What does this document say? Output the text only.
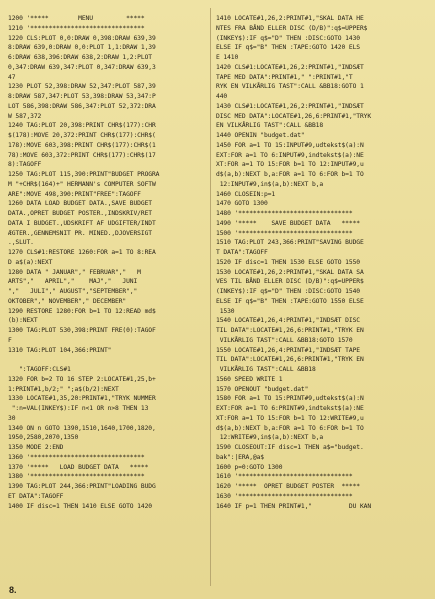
1200 '*****        MENU         *****
1210 '*******************************
1220 CLS:PLOT 0,0:DRAW 0,398:DRAW 639,39
8:DRAW 639,0:DRAW 0,0:PLOT 1,1:DRAW 1,39
6:DRAW 638,396:DRAW 638,2:DRAW 1,2:PLOT
0,347:DRAW 639,347:PLOT 0,347:DRAW 639,3
47
1230 PLOT 52,398:DRAW 52,347:PLOT 587,39
8:DRAW 587,347:PLOT 53,398:DRAW 53,347:P
LOT 586,398:DRAW 586,347:PLOT 52,372:DRA
W 587,372
1240 TAG:PLOT 20,398:PRINT CHR$(177):CHR
$(178):MOVE 20,372:PRINT CHR$(177):CHR$(
178):MOVE 603,398:PRINT CHR$(177):CHR$(1
78):MOVE 603,372:PRINT CHR$(177):CHR$(17
8):TAGOFF
1250 TAG:PLOT 115,390:PRINT"BUDGET PROGRA
M "+CHR$(164)+" HERMANN's COMPUTER SOFTW
ARE":MOVE 498,390:PRINT"FREE":TAGOFF
1260 DATA LOAD BUDGET DATA.,SAVE BUDGET
DATA.,OPRET BUDGET POSTER.,INDSKRIV/RET
DATA I BUDGET.,UDSKRIFT AF UDGIFTER/INDT
ÆGTER.,GENNEMSNIT PR. MINED.,DJOVERSIGT
.,SLUT.
1270 CLS#1:RESTORE 1260:FOR a=1 TO 8:REA
D a$(a):NEXT
1280 DATA " JANUAR"," FEBRUAR","   M
ARTS","   APRIL","    MAJ","   JUNI
","   JULI"," AUGUST","SEPTEMBER","
OKTOBER"," NOVEMBER"," DECEMBER"
1290 RESTORE 1280:FOR b=1 TO 12:READ md$
(b):NEXT
1300 TAG:PLOT 530,398:PRINT FRE(0):TAGOF
F
1310 TAG:PLOT 104,366:PRINT"
":TAGOFF:CLS#1
1320 FOR b=2 TO 16 STEP 2:LOCATE#1,25,b+
1:PRINT#1,b/2;" ";a$(b/2):NEXT
1330 LOCATE#1,35,20:PRINT#1,"TRYK NUMMER
":n=VAL(INKEY$):IF n<1 OR n>8 THEN 13
30
1340 ON n GOTO 1390,1510,1640,1700,1820,
1950,2580,2070,1350
1350 MODE 2:END
1360 '*******************************
1370 '*****   LOAD BUDGET DATA   *****
1380 '*******************************
1390 TAG:PLOT 244,366:PRINT"LOADING BUDG
ET DATA":TAGOFF
1400 IF disc=1 THEN 1410 ELSE GOTO 1420
1410 LOCATE#1,26,2:PRINT#1,"SKAL DATA HE
NTES FRA BÅND ELLER DISC (D/B)":q$=UPPER$
(INKEY$):IF q$="D" THEN :DISC:GOTO 1430
ELSE IF q$="B" THEN :TAPE:GOTO 1420 ELS
E 1410
1420 CLS#1:LOCATE#1,26,2:PRINT#1,"INDSÆT
TAPE MED DATA":PRINT#1," ":PRINT#1,"T
RYK EN VILKÅRLIG TAST":CALL &BB18:GOTO 1
440
1430 CLS#1:LOCATE#1,26,2:PRINT#1,"INDSÆT
DISC MED DATA":LOCATE#1,26,6:PRINT#1,"TRYK
EN VILKÅRLIG TAST":CALL &BB18
1440 OPENIN "budget.dat"
1450 FOR a=1 TO 15:INPUT#9,udtekst$(a):N
EXT:FOR a=1 TO 6:INPUT#9,indtekst$(a):NE
XT:FOR a=1 TO 15:FOR b=1 TO 12:INPUT#9,u
d$(a,b):NEXT b,a:FOR a=1 TO 6:FOR b=1 TO
12:INPUT#9,in$(a,b):NEXT b,a
1460 CLOSEIN:p=1
1470 GOTO 1300
1480 '*******************************
1490 '*****    SAVE BUDGET DATA   *****
1500 '*******************************
1510 TAG:PLOT 243,366:PRINT"SAVING BUDGE
T DATA":TAGOFF
1520 IF disc=1 THEN 1530 ELSE GOTO 1550
1530 LOCATE#1,26,2:PRINT#1,"SKAL DATA SA
VES TIL BÅND ELLER DISC (D/B)":q$=UPPER$
(INKEY$):IF q$="D" THEN :DISC:GOTO 1540
ELSE IF q$="B" THEN :TAPE:GOTO 1550 ELSE
1530
1540 LOCATE#1,26,4:PRINT#1,"INDSÆT DISC
TIL DATA":LOCATE#1,26,6:PRINT#1,"TRYK EN
VILKÅRLIG TAST":CALL &BB18:GOTO 1570
1550 LOCATE#1,26,4:PRINT#1,"INDSÆT TAPE
TIL DATA":LOCATE#1,26,6:PRINT#1,"TRYK EN
VILKÅRLIG TAST":CALL &BB18
1560 SPEED WRITE 1
1570 OPENOUT "budget.dat"
1580 FOR a=1 TO 15:PRINT#9,udtekst$(a):N
EXT:FOR a=1 TO 6:PRINT#9,indtekst$(a):NE
XT:FOR a=1 TO 15:FOR b=1 TO 12:WRITE#9,u
d$(a,b):NEXT b,a:FOR a=1 TO 6:FOR b=1 TO
12:WRITE#9,in$(a,b):NEXT b,a
1590 CLOSEOUT:IF disc=1 THEN a$="budget.
bak":|ERA,@a$
1600 p=0:GOTO 1300
1610 '*******************************
1620 '*****  OPRET BUDGET POSTER  *****
1630 '*******************************
1640 IF p=1 THEN PRINT#1,"          DU KAN
8.
